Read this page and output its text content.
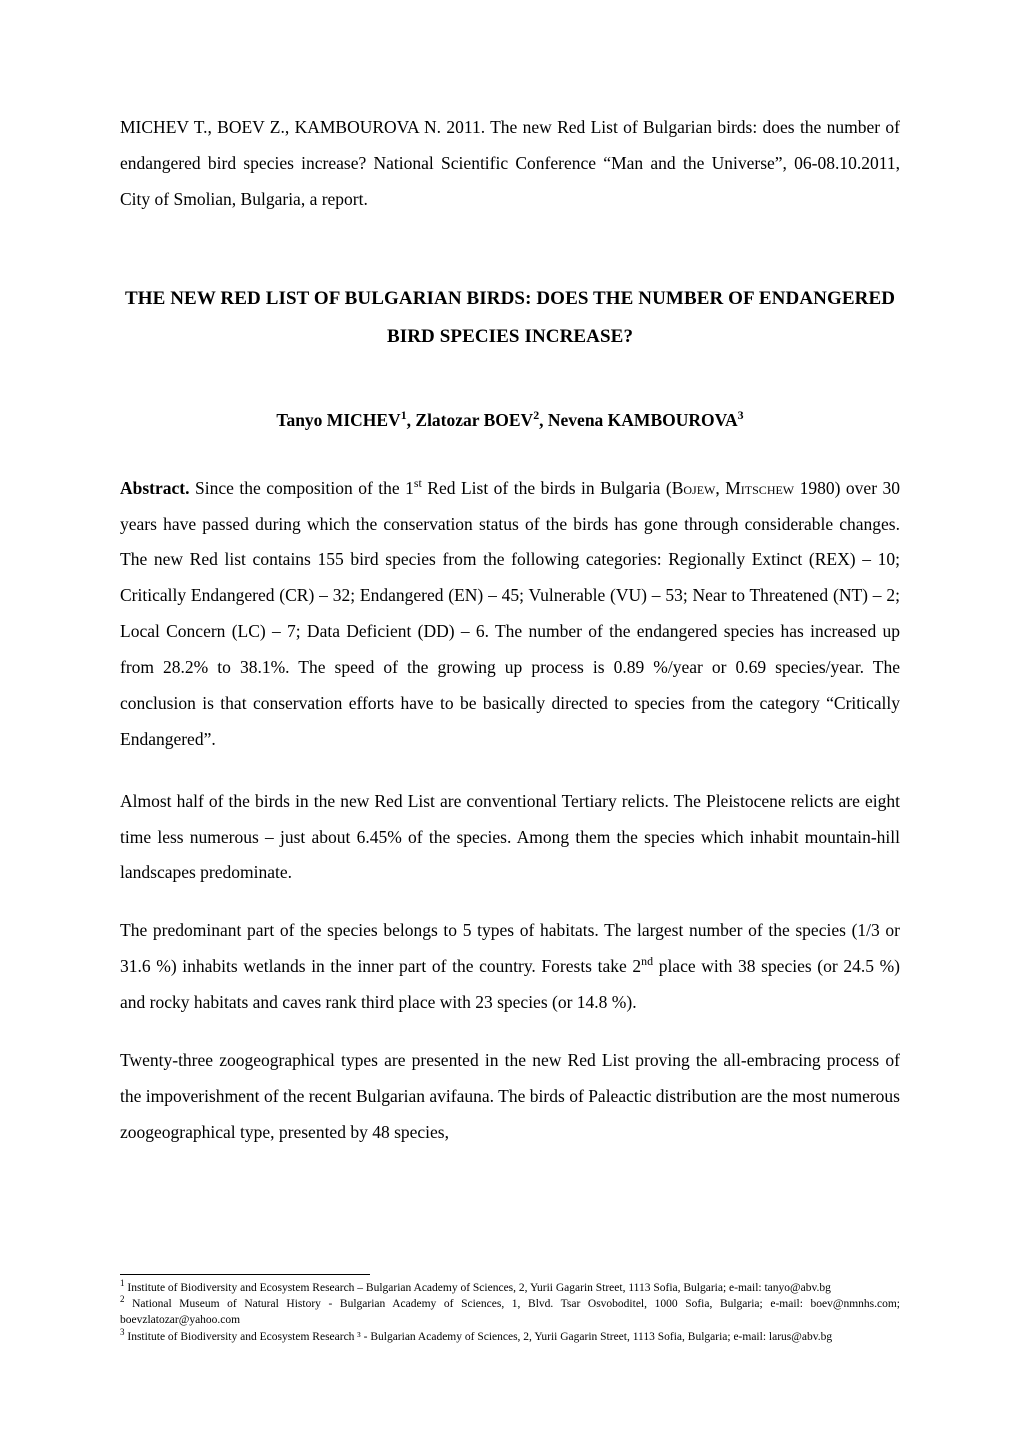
MICHEV T., BOEV Z., KAMBOUROVA N. 2011. The new Red List of Bulgarian birds: does the number of endangered bird species increase? National Scientific Conference “Man and the Universe”, 06-08.10.2011, City of Smolian, Bulgaria, a report.

THE NEW RED LIST OF BULGARIAN BIRDS: DOES THE NUMBER OF ENDANGERED BIRD SPECIES INCREASE?

Tanyo MICHEV$^1$, Zlatozar BOEV$^2$, Nevena KAMBOUROVA$^3$

Abstract. Since the composition of the 1st Red List of the birds in Bulgaria (Bojew, Mitschew 1980) over 30 years have passed during which the conservation status of the birds has gone through considerable changes. The new Red list contains 155 bird species from the following categories: Regionally Extinct (REX) – 10; Critically Endangered (CR) – 32; Endangered (EN) – 45; Vulnerable (VU) – 53; Near to Threatened (NT) – 2; Local Concern (LC) – 7; Data Deficient (DD) – 6. The number of the endangered species has increased up from 28.2% to 38.1%. The speed of the growing up process is 0.89 %/year or 0.69 species/year. The conclusion is that conservation efforts have to be basically directed to species from the category “Critically Endangered”.

Almost half of the birds in the new Red List are conventional Tertiary relicts. The Pleistocene relicts are eight time less numerous – just about 6.45% of the species. Among them the species which inhabit mountain-hill landscapes predominate.

The predominant part of the species belongs to 5 types of habitats. The largest number of the species (1/3 or 31.6 %) inhabits wetlands in the inner part of the country. Forests take 2nd place with 38 species (or 24.5 %) and rocky habitats and caves rank third place with 23 species (or 14.8 %).

Twenty-three zoogeographical types are presented in the new Red List proving the all-embracing process of the impoverishment of the recent Bulgarian avifauna. The birds of Paleactic distribution are the most numerous zoogeographical type, presented by 48 species,

$^1$ Institute of Biodiversity and Ecosystem Research – Bulgarian Academy of Sciences, 2, Yurii Gagarin Street, 1113 Sofia, Bulgaria; e-mail: tanyo@abv.bg

$^2$ National Museum of Natural History - Bulgarian Academy of Sciences, 1, Blvd. Tsar Osvoboditel, 1000 Sofia, Bulgaria; e-mail: boev@nmnhs.com; boevzlatozar@yahoo.com

$^3$ Institute of Biodiversity and Ecosystem Research ³ - Bulgarian Academy of Sciences, 2, Yurii Gagarin Street, 1113 Sofia, Bulgaria; e-mail: larus@abv.bg
